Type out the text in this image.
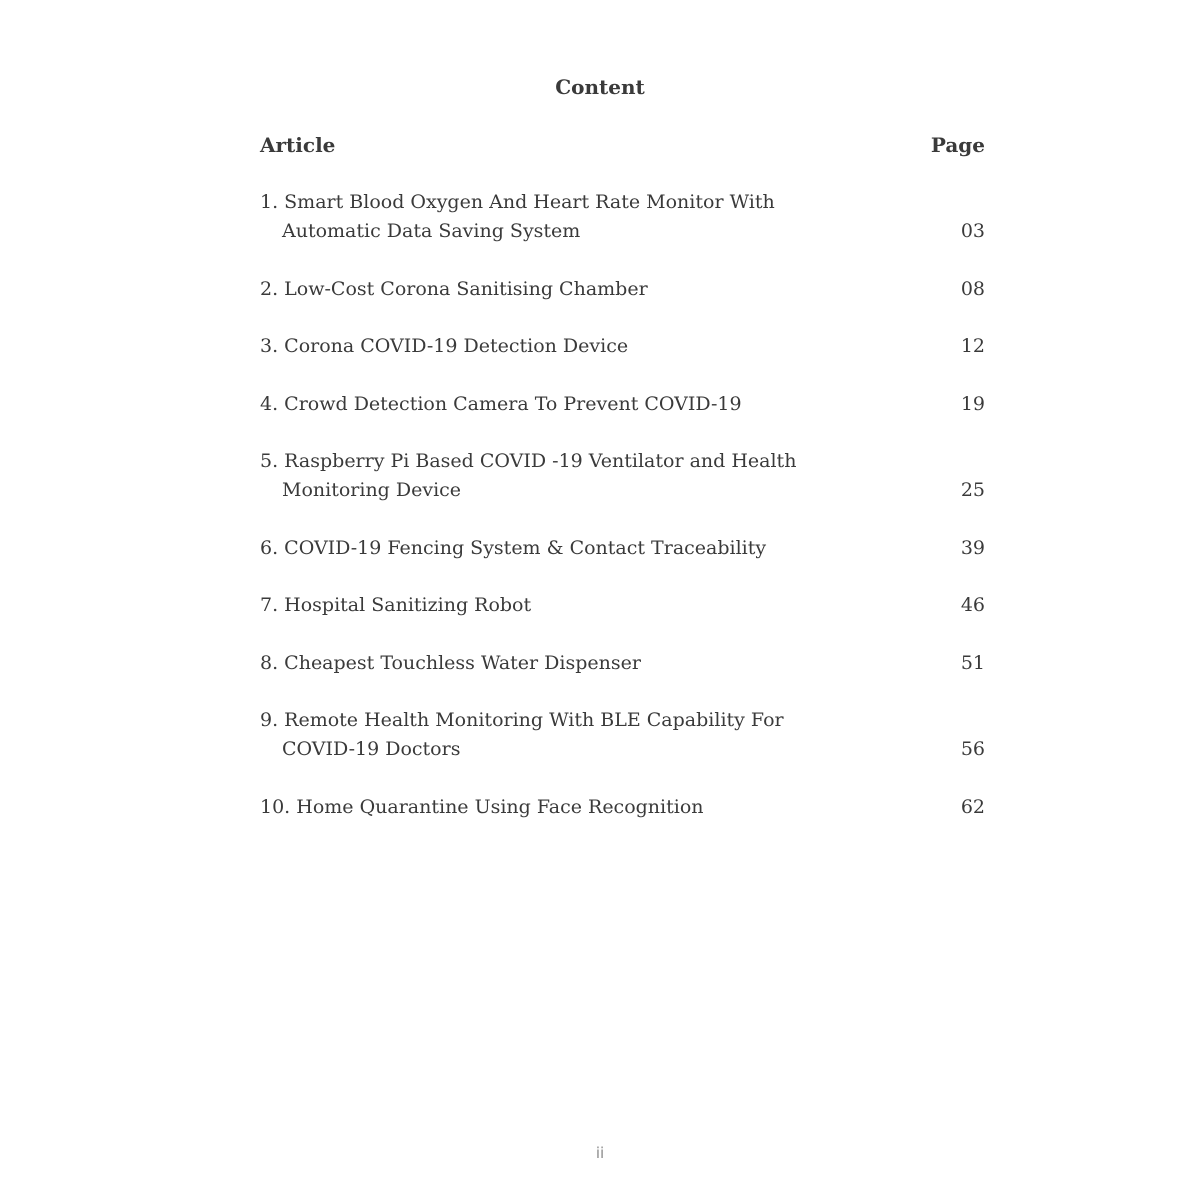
Content
Article	Page
1. Smart Blood Oxygen And Heart Rate Monitor With
Automatic Data Saving System	03
2. Low-Cost Corona Sanitising Chamber	08
3. Corona COVID-19 Detection Device	12
4. Crowd Detection Camera To Prevent COVID-19	19
5. Raspberry Pi Based COVID -19 Ventilator and Health
Monitoring Device	25
6. COVID-19 Fencing System & Contact Traceability	39
7. Hospital Sanitizing Robot	46
8. Cheapest Touchless Water Dispenser	51
9. Remote Health Monitoring With BLE Capability For
COVID-19 Doctors	56
10. Home Quarantine Using Face Recognition	62
ii
